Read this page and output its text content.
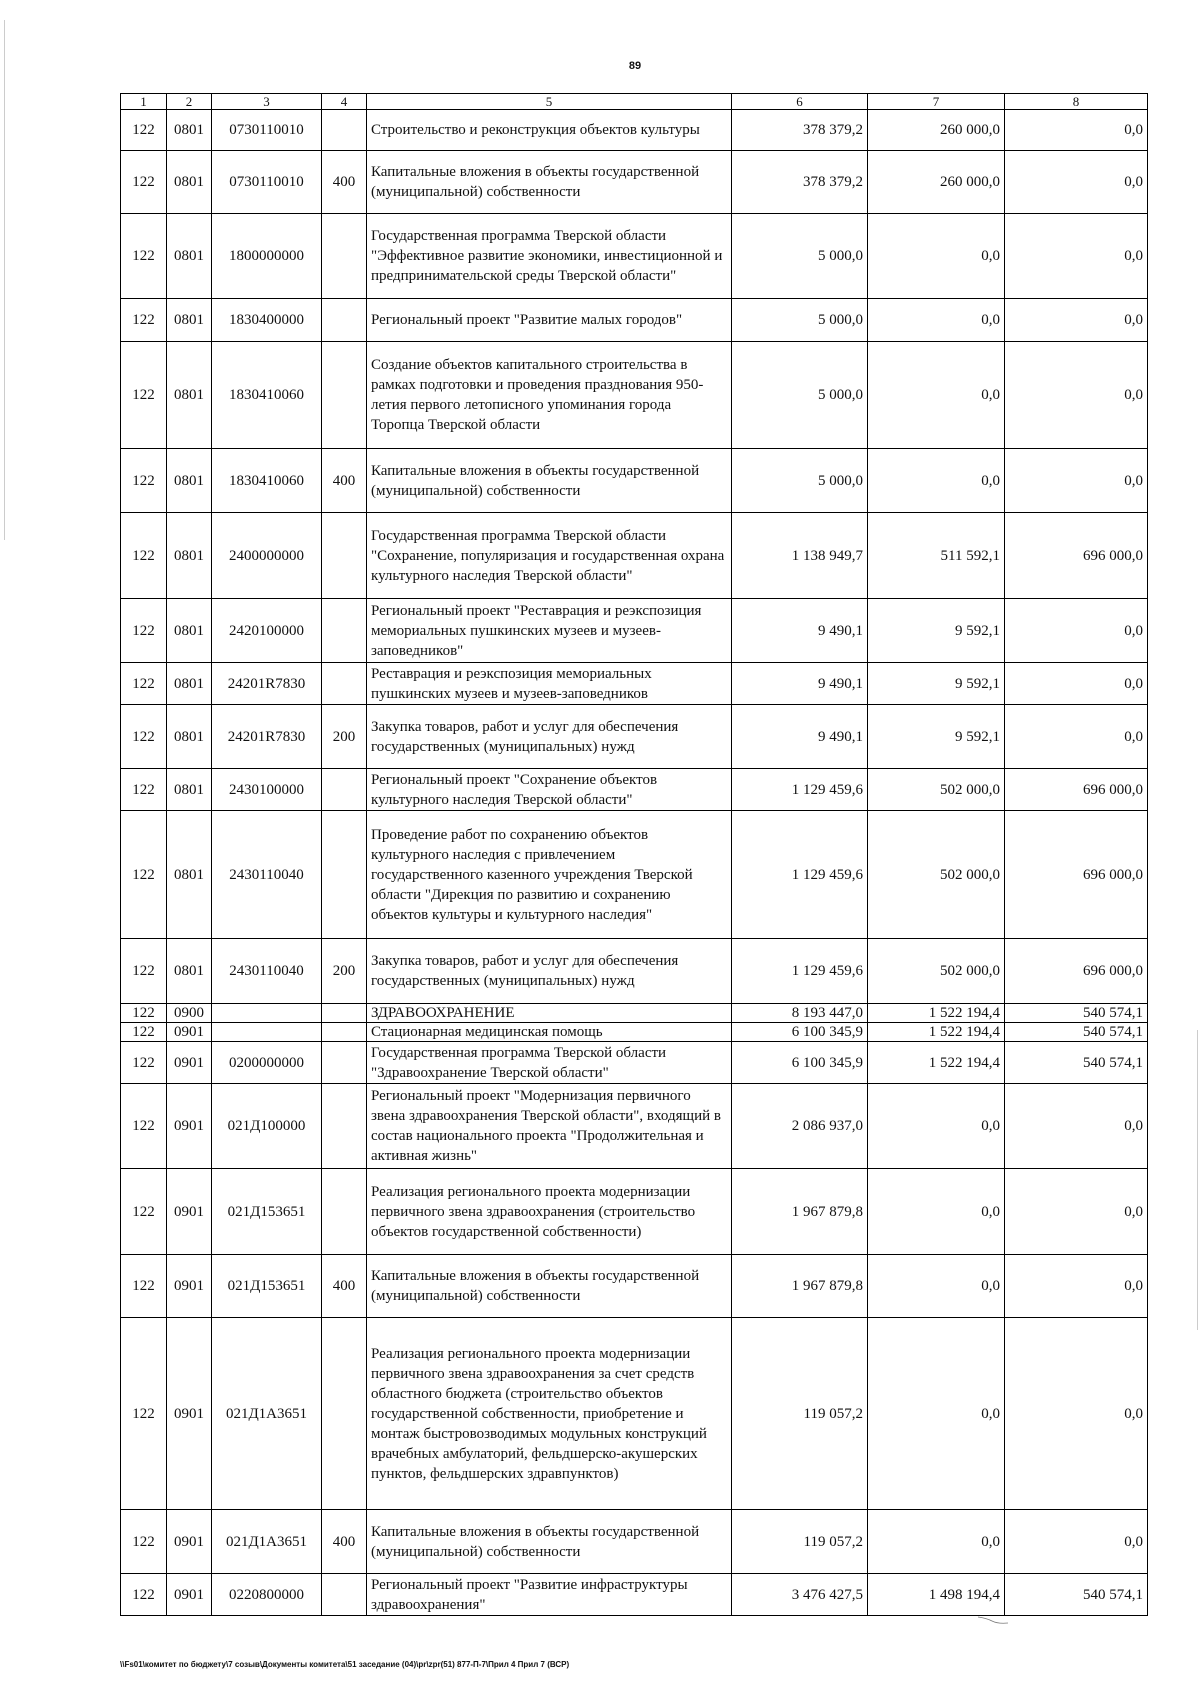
89
1	2	3	4	5	6	7	8
122	0801	0730110010		Строительство и реконструкция объектов культуры	378 379,2	260 000,0	0,0
122	0801	0730110010	400	Капитальные вложения в объекты государственной (муниципальной) собственности	378 379,2	260 000,0	0,0
122	0801	1800000000		Государственная программа Тверской области "Эффективное развитие экономики, инвестиционной и предпринимательской среды Тверской области"	5 000,0	0,0	0,0
122	0801	1830400000		Региональный проект "Развитие малых городов"	5 000,0	0,0	0,0
122	0801	1830410060		Создание объектов капитального строительства в рамках подготовки и проведения празднования 950-летия первого летописного упоминания города Торопца Тверской области	5 000,0	0,0	0,0
122	0801	1830410060	400	Капитальные вложения в объекты государственной (муниципальной) собственности	5 000,0	0,0	0,0
122	0801	2400000000		Государственная программа Тверской области "Сохранение, популяризация и государственная охрана культурного наследия Тверской области"	1 138 949,7	511 592,1	696 000,0
122	0801	2420100000		Региональный проект "Реставрация и реэкспозиция мемориальных пушкинских музеев и музеев-заповедников"	9 490,1	9 592,1	0,0
122	0801	24201R7830		Реставрация и реэкспозиция мемориальных пушкинских музеев и музеев-заповедников	9 490,1	9 592,1	0,0
122	0801	24201R7830	200	Закупка товаров, работ и услуг для обеспечения государственных (муниципальных) нужд	9 490,1	9 592,1	0,0
122	0801	2430100000		Региональный проект "Сохранение объектов культурного наследия Тверской области"	1 129 459,6	502 000,0	696 000,0
122	0801	2430110040		Проведение работ по сохранению объектов культурного наследия с привлечением государственного казенного учреждения Тверской области "Дирекция по развитию и сохранению объектов культуры и культурного наследия"	1 129 459,6	502 000,0	696 000,0
122	0801	2430110040	200	Закупка товаров, работ и услуг для обеспечения государственных (муниципальных) нужд	1 129 459,6	502 000,0	696 000,0
122	0900			ЗДРАВООХРАНЕНИЕ	8 193 447,0	1 522 194,4	540 574,1
122	0901			Стационарная медицинская помощь	6 100 345,9	1 522 194,4	540 574,1
122	0901	0200000000		Государственная программа Тверской области "Здравоохранение Тверской области"	6 100 345,9	1 522 194,4	540 574,1
122	0901	021Д100000		Региональный проект "Модернизация первичного звена здравоохранения Тверской области", входящий в состав национального проекта "Продолжительная и активная жизнь"	2 086 937,0	0,0	0,0
122	0901	021Д153651		Реализация регионального проекта модернизации первичного звена здравоохранения (строительство объектов государственной собственности)	1 967 879,8	0,0	0,0
122	0901	021Д153651	400	Капитальные вложения в объекты государственной (муниципальной) собственности	1 967 879,8	0,0	0,0
122	0901	021Д1А3651		Реализация регионального проекта модернизации первичного звена здравоохранения за счет средств областного бюджета (строительство объектов государственной собственности, приобретение и монтаж быстровозводимых модульных конструкций врачебных амбулаторий, фельдшерско-акушерских пунктов, фельдшерских здравпунктов)	119 057,2	0,0	0,0
122	0901	021Д1А3651	400	Капитальные вложения в объекты государственной (муниципальной) собственности	119 057,2	0,0	0,0
122	0901	0220800000		Региональный проект "Развитие инфраструктуры здравоохранения"	3 476 427,5	1 498 194,4	540 574,1
\\Fs01\комитет по бюджету\7 созыв\Документы комитета\51 заседание (04)\pr\zpr(51) 877-П-7\Прил 4 Прил 7 (ВСР)
